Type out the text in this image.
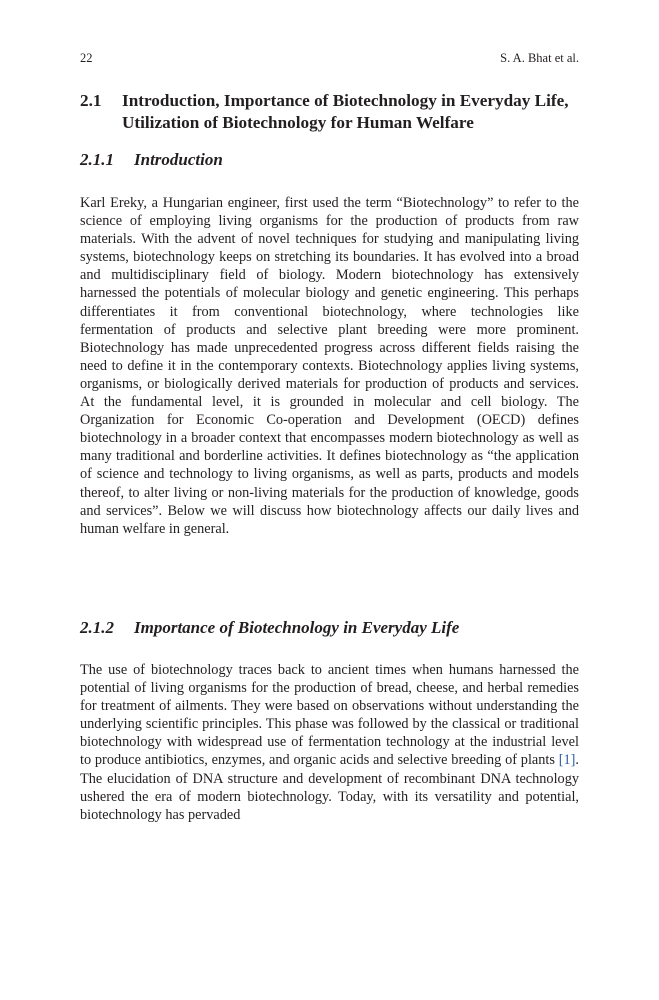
22	S. A. Bhat et al.
2.1 Introduction, Importance of Biotechnology in Everyday Life, Utilization of Biotechnology for Human Welfare
2.1.1 Introduction

Karl Ereky, a Hungarian engineer, first used the term “Biotechnology” to refer to the science of employing living organisms for the production of products from raw materials. With the advent of novel techniques for studying and manipulating living systems, biotechnology keeps on stretching its boundaries. It has evolved into a broad and multidisciplinary field of biology. Modern biotechnology has extensively harnessed the potentials of molecular biology and genetic engineering. This perhaps differentiates it from conventional biotechnology, where technologies like fermentation of products and selective plant breeding were more prominent. Biotechnology has made unprecedented progress across different fields raising the need to define it in the contemporary contexts. Biotechnology applies living systems, organisms, or biologically derived materials for production of products and services. At the fundamental level, it is grounded in molecular and cell biology. The Organization for Economic Co-operation and Development (OECD) defines biotechnology in a broader context that encompasses modern biotechnology as well as many traditional and borderline activities. It defines biotechnology as “the application of science and technology to living organisms, as well as parts, products and models thereof, to alter living or non-living materials for the production of knowledge, goods and services”. Below we will discuss how biotechnology affects our daily lives and human welfare in general.

2.1.2 Importance of Biotechnology in Everyday Life

The use of biotechnology traces back to ancient times when humans harnessed the potential of living organisms for the production of bread, cheese, and herbal remedies for treatment of ailments. They were based on observations without understanding the underlying scientific principles. This phase was followed by the classical or traditional biotechnology with widespread use of fermentation technology at the industrial level to produce antibiotics, enzymes, and organic acids and selective breeding of plants [1]. The elucidation of DNA structure and development of recombinant DNA technology ushered the era of modern biotechnology. Today, with its versatility and potential, biotechnology has pervaded
